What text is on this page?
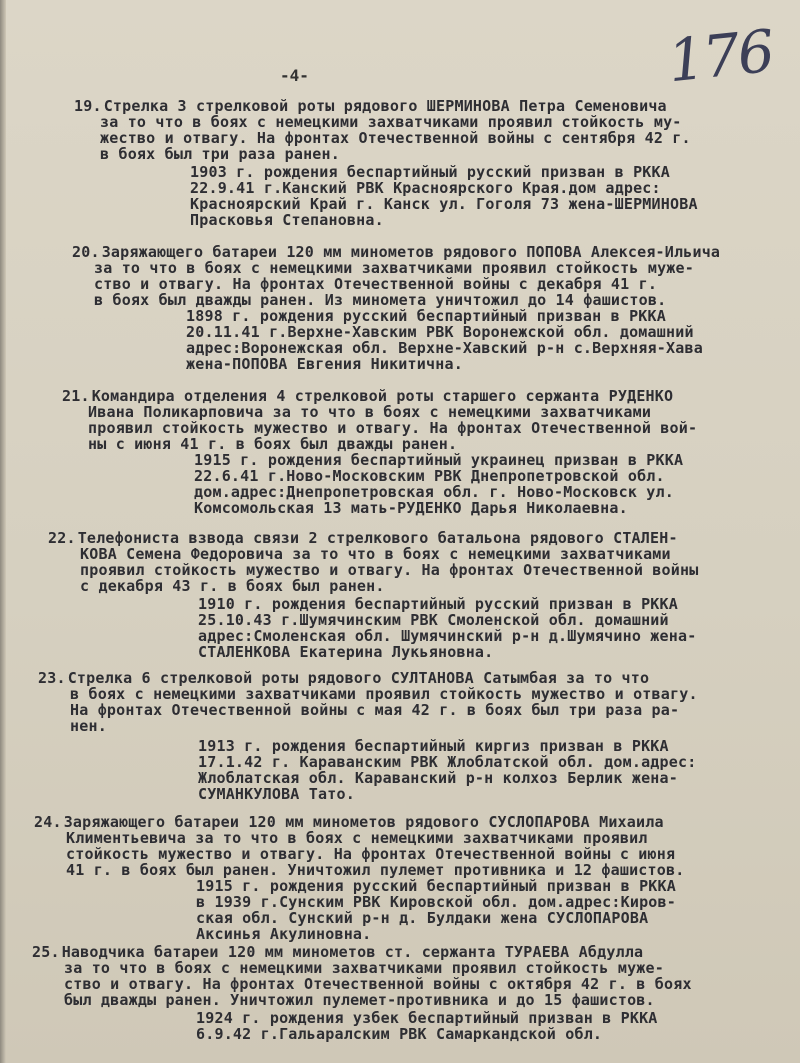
176
-4-
19. Стрелка 3 стрелковой роты рядового ШЕРМИНОВА Петра Семеновича
за то что в боях с немецкими захватчиками проявил стойкость му-
жество и отвагу. На фронтах Отечественной войны с сентября 42 г.
в боях был три раза ранен.
1903 г. рождения беспартийный русский призван в РККА
22.9.41 г.Канский РВК Красноярского Края.дом адрес:
Красноярский Край г. Канск ул. Гоголя 73 жена-ШЕРМИНОВА
Прасковья Степановна.
20. Заряжающего батареи 120 мм минометов рядового ПОПОВА Алексея-Ильича
за то что в боях с немецкими захватчиками проявил стойкость муже-
ство и отвагу. На фронтах Отечественной войны с декабря 41 г.
в боях был дважды ранен. Из миномета уничтожил до 14 фашистов.
1898 г. рождения русский беспартийный призван в РККА
20.11.41 г.Верхне-Хавским РВК Воронежской обл. домашний
адрес:Воронежская обл. Верхне-Хавский р-н с.Верхняя-Хава
жена-ПОПОВА Евгения Никитична.
21. Командира отделения 4 стрелковой роты старшего сержанта РУДЕНКО
Ивана Поликарповича за то что в боях с немецкими захватчиками
проявил стойкость мужество и отвагу. На фронтах Отечественной вой-
ны с июня 41 г. в боях был дважды ранен.
1915 г. рождения беспартийный украинец призван в РККА
22.6.41 г.Ново-Московским РВК Днепропетровской обл.
дом.адрес:Днепропетровская обл. г. Ново-Московск ул.
Комсомольская 13 мать-РУДЕНКО Дарья Николаевна.
22. Телефониста взвода связи 2 стрелкового батальона рядового СТАЛЕН-
КОВА Семена Федоровича за то что в боях с немецкими захватчиками
проявил стойкость мужество и отвагу. На фронтах Отечественной войны
с декабря 43 г. в боях был ранен.
1910 г. рождения беспартийный русский призван в РККА
25.10.43 г.Шумячинским РВК Смоленской обл. домашний
адрес:Смоленская обл. Шумячинский р-н д.Шумячино жена-
СТАЛЕНКОВА Екатерина Лукьяновна.
23. Стрелка 6 стрелковой роты рядового СУЛТАНОВА Сатымбая за то что
в боях с немецкими захватчиками проявил стойкость мужество и отвагу.
На фронтах Отечественной войны с мая 42 г. в боях был три раза ра-
нен.
1913 г. рождения беспартийный киргиз призван в РККА
17.1.42 г. Караванским РВК Жлоблатской обл. дом.адрес:
Жлоблатская обл. Караванский р-н колхоз Берлик жена-
СУМАНКУЛОВА Тато.
24. Заряжающего батареи 120 мм минометов рядового СУСЛОПАРОВА Михаила
Климентьевича за то что в боях с немецкими захватчиками проявил
стойкость мужество и отвагу. На фронтах Отечественной войны с июня
41 г. в боях был ранен. Уничтожил пулемет противника и 12 фашистов.
1915 г. рождения русский беспартийный призван в РККА
в 1939 г.Сунским РВК Кировской обл. дом.адрес:Киров-
ская обл. Сунский р-н д. Булдаки жена СУСЛОПАРОВА
Аксинья Акулиновна.
25. Наводчика батареи 120 мм минометов ст. сержанта ТУРАЕВА Абдулла
за то что в боях с немецкими захватчиками проявил стойкость муже-
ство и отвагу. На фронтах Отечественной войны с октября 42 г. в боях
был дважды ранен. Уничтожил пулемет-противника и до 15 фашистов.
1924 г. рождения узбек беспартийный призван в РККА
6.9.42 г.Гальаралским РВК Самаркандской обл.
